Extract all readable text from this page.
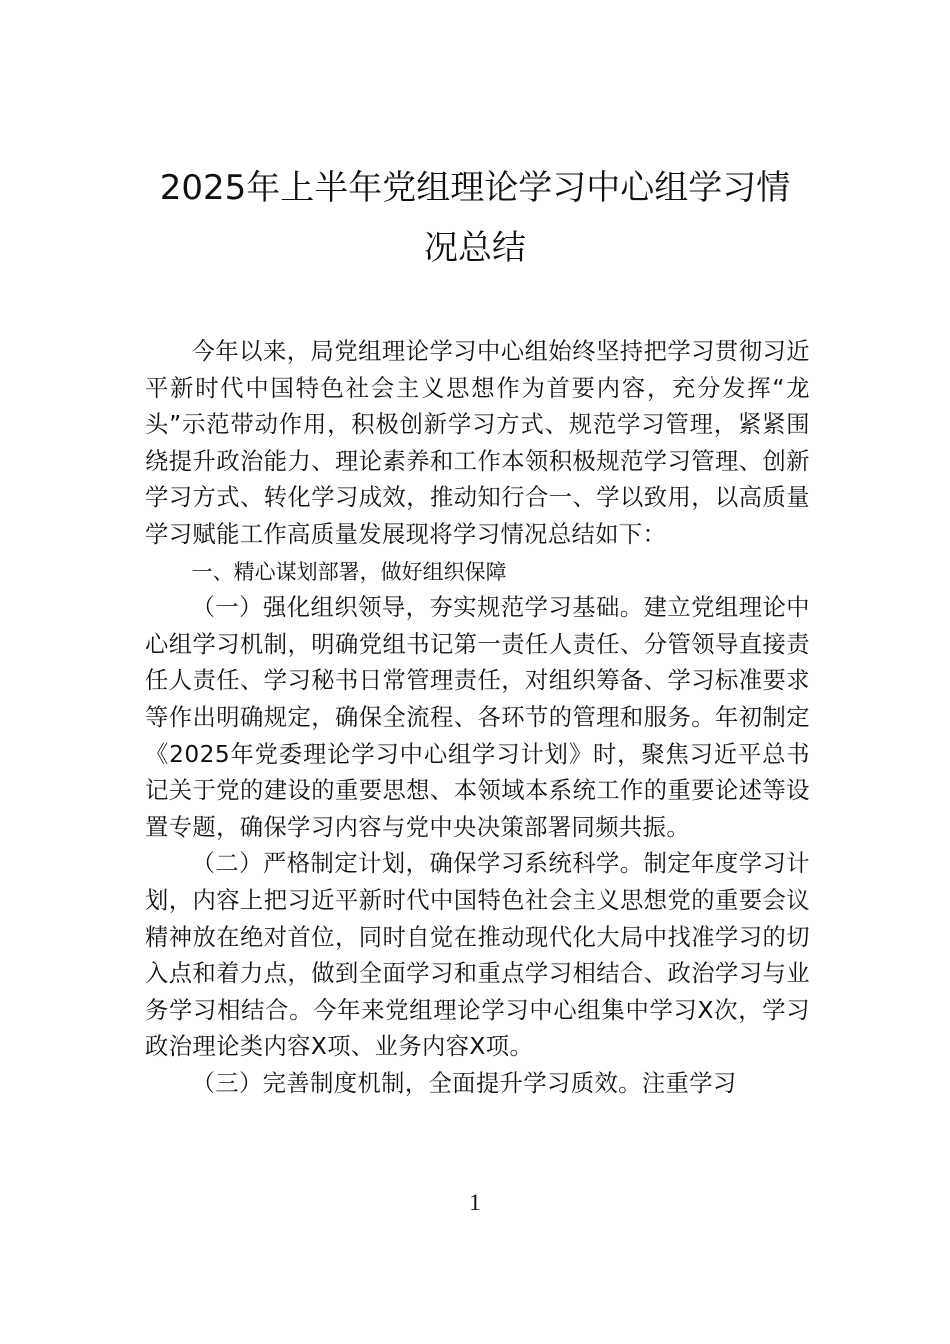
2025年上半年党组理论学习中心组学习情
况总结

今年以来，局党组理论学习中心组始终坚持把学习贯彻习近平新时代中国特色社会主义思想作为首要内容，充分发挥“龙头”示范带动作用，积极创新学习方式、规范学习管理，紧紧围绕提升政治能力、理论素养和工作本领积极规范学习管理、创新学习方式、转化学习成效，推动知行合一、学以致用，以高质量学习赋能工作高质量发展现将学习情况总结如下：

一、精心谋划部署，做好组织保障

（一）强化组织领导，夯实规范学习基础。建立党组理论中心组学习机制，明确党组书记第一责任人责任、分管领导直接责任人责任、学习秘书日常管理责任，对组织筹备、学习标准要求等作出明确规定，确保全流程、各环节的管理和服务。年初制定《2025年党委理论学习中心组学习计划》时，聚焦习近平总书记关于党的建设的重要思想、本领域本系统工作的重要论述等设置专题，确保学习内容与党中央决策部署同频共振。

（二）严格制定计划，确保学习系统科学。制定年度学习计划，内容上把习近平新时代中国特色社会主义思想党的重要会议精神放在绝对首位，同时自觉在推动现代化大局中找准学习的切入点和着力点，做到全面学习和重点学习相结合、政治学习与业务学习相结合。今年来党组理论学习中心组集中学习X次，学习政治理论类内容X项、业务内容X项。

（三）完善制度机制，全面提升学习质效。注重学习

1
